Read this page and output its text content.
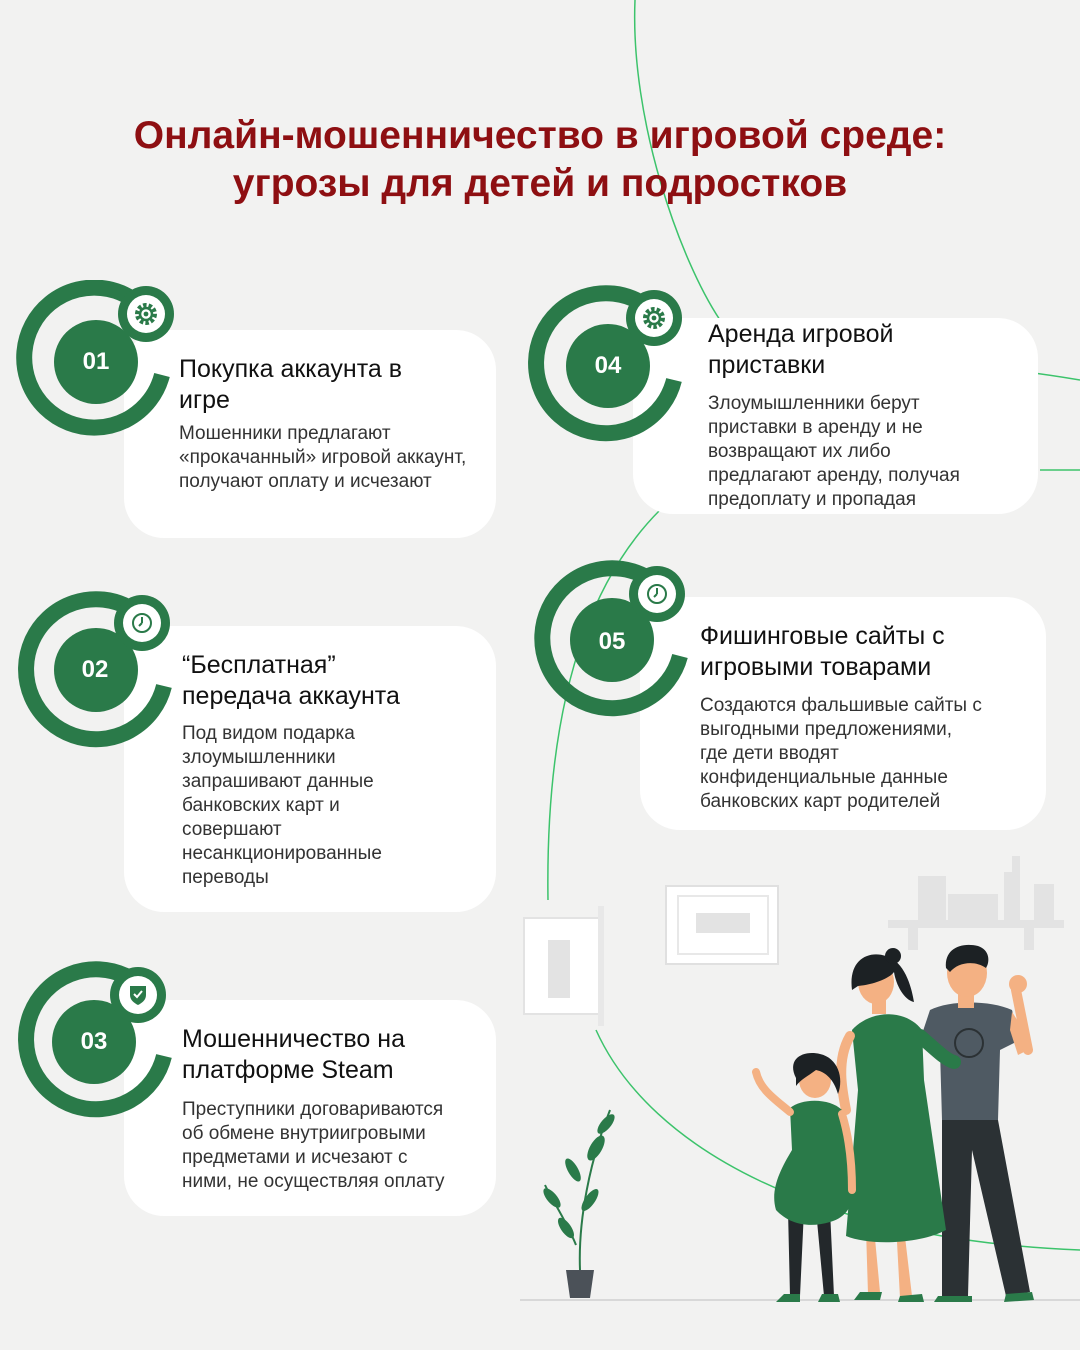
Онлайн-мошенничество в игровой среде:
угрозы для детей и подростков
Покупка аккаунта в
игре

Мошенники предлагают
«прокачанный» игровой аккаунт,
получают оплату и исчезают

“Бесплатная”
передача аккаунта

Под видом подарка
злоумышленники
запрашивают данные
банковских карт и
совершают
несанкционированные
переводы

Мошенничество на
платформе Steam

Преступники договариваются
об обмене внутриигровыми
предметами и исчезают с
ними, не осуществляя оплату

Аренда игровой
приставки

Злоумышленники берут
приставки в аренду и не
возвращают их либо
предлагают аренду, получая
предоплату и пропадая

Фишинговые сайты с
игровыми товарами

Создаются фальшивые сайты с
выгодными предложениями,
где дети вводят
конфиденциальные данные
банковских карт родителей

01
02
03
04
05
